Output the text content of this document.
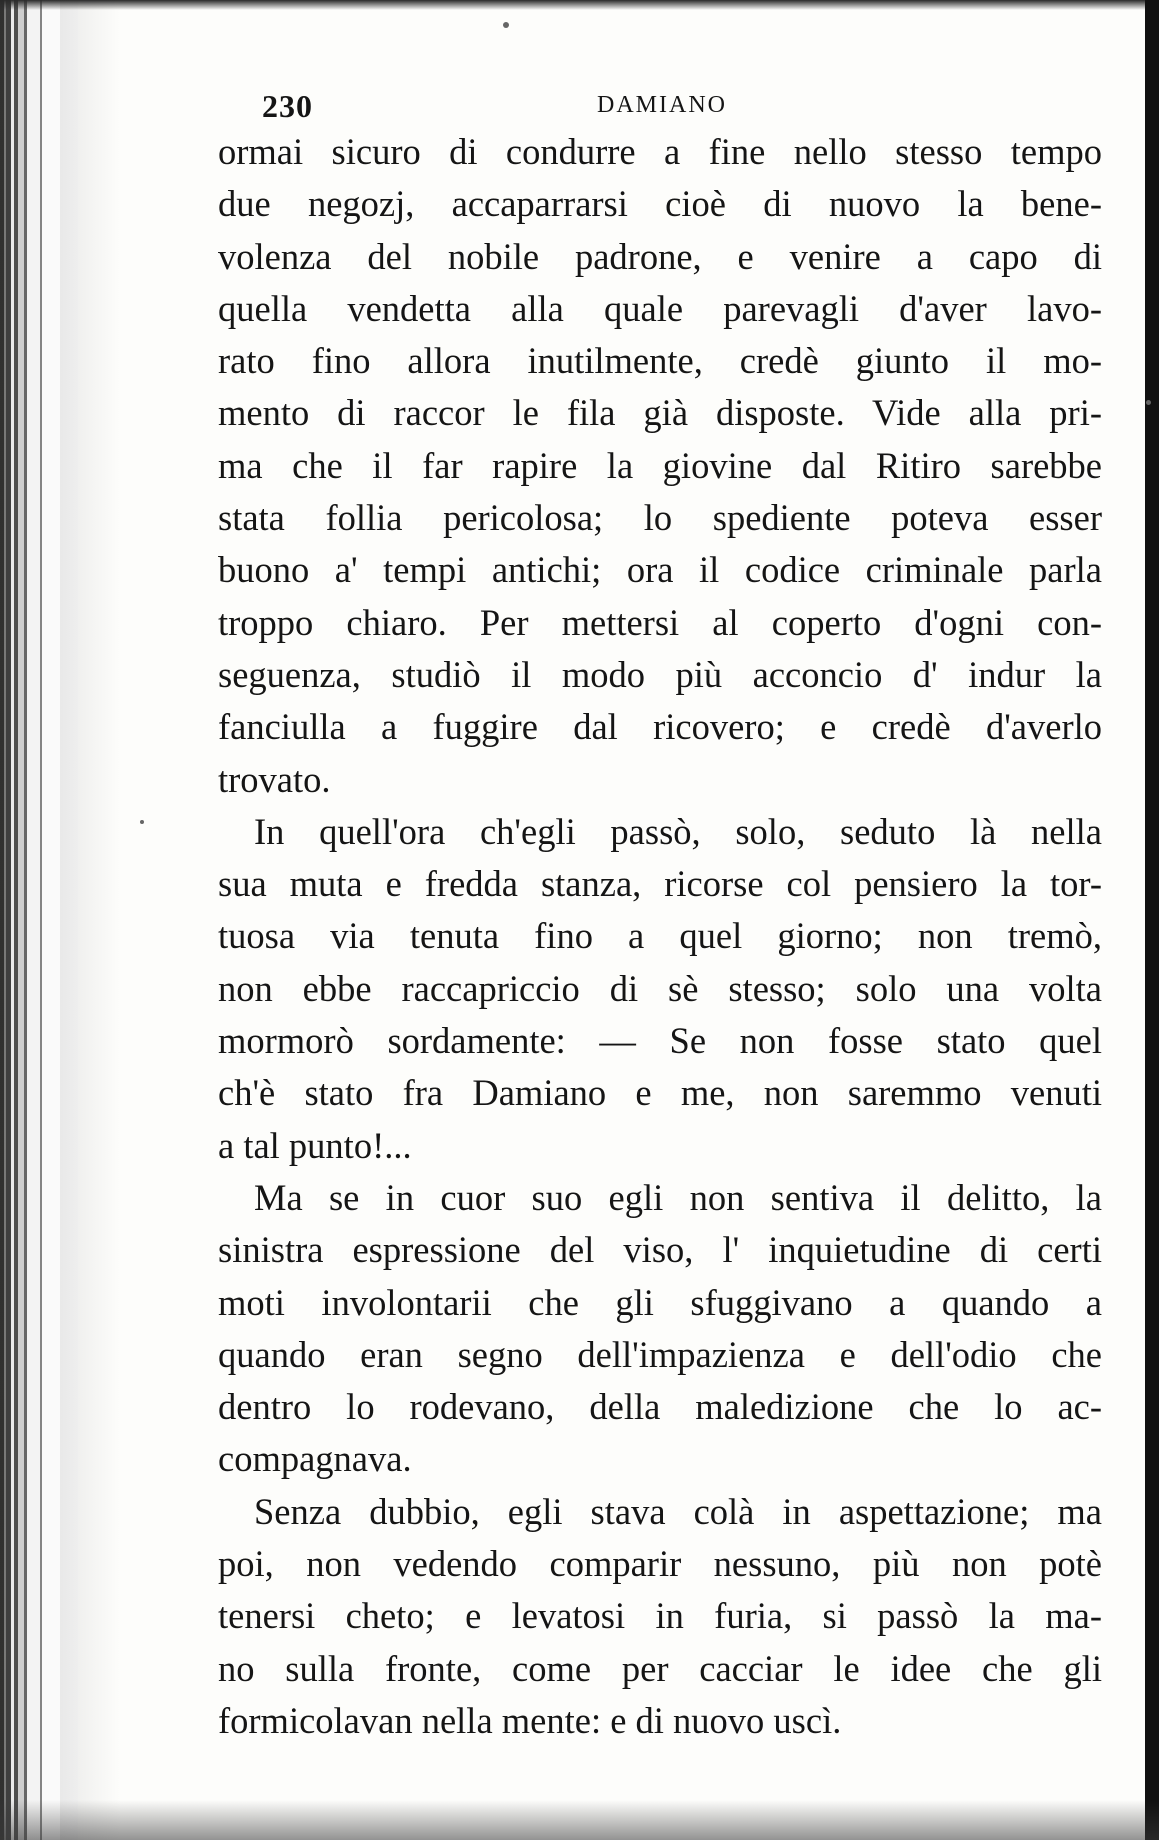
230	DAMIANO
ormai sicuro di condurre a fine nello stesso tempo
due negozj, accaparrarsi cioè di nuovo la bene-
volenza del nobile padrone, e venire a capo di
quella vendetta alla quale parevagli d'aver lavo-
rato fino allora inutilmente, credè giunto il mo-
mento di raccor le fila già disposte. Vide alla pri-
ma che il far rapire la giovine dal Ritiro sarebbe
stata follia pericolosa; lo spediente poteva esser
buono a' tempi antichi; ora il codice criminale parla
troppo chiaro. Per mettersi al coperto d'ogni con-
seguenza, studiò il modo più acconcio d' indur la
fanciulla a fuggire dal ricovero; e credè d'averlo
trovato.
In quell'ora ch'egli passò, solo, seduto là nella
sua muta e fredda stanza, ricorse col pensiero la tor-
tuosa via tenuta fino a quel giorno; non tremò,
non ebbe raccapriccio di sè stesso; solo una volta
mormorò sordamente: — Se non fosse stato quel
ch'è stato fra Damiano e me, non saremmo venuti
a tal punto!...
Ma se in cuor suo egli non sentiva il delitto, la
sinistra espressione del viso, l' inquietudine di certi
moti involontarii che gli sfuggivano a quando a
quando eran segno dell'impazienza e dell'odio che
dentro lo rodevano, della maledizione che lo ac-
compagnava.
Senza dubbio, egli stava colà in aspettazione; ma
poi, non vedendo comparir nessuno, più non potè
tenersi cheto; e levatosi in furia, si passò la ma-
no sulla fronte, come per cacciar le idee che gli
formicolavan nella mente: e di nuovo uscì.
